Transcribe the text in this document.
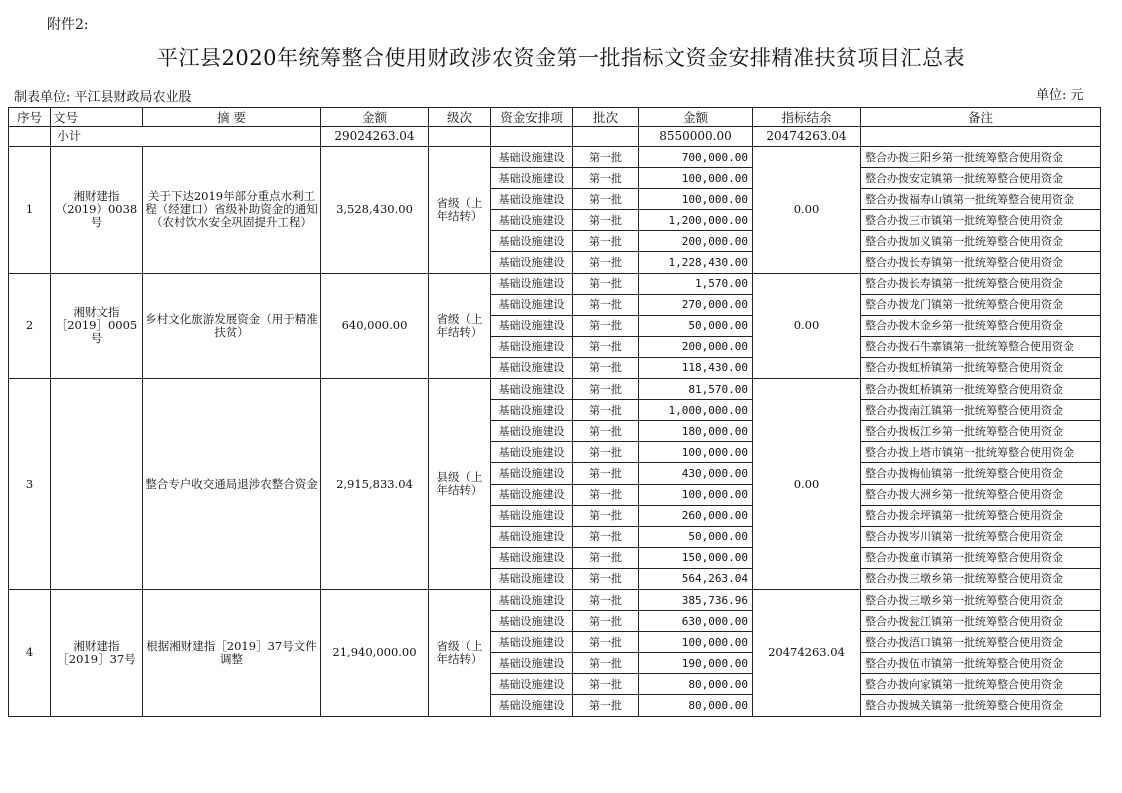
附件2:
平江县2020年统筹整合使用财政涉农资金第一批指标文资金安排精准扶贫项目汇总表
制表单位: 平江县财政局农业股	单位: 元
序号	文号	摘 要	金额	级次	资金安排项	批次	金额	指标结余	备注
	小计		29024263.04				8550000.00	20474263.04	
1	湘财建指（2019）0038号	关于下达2019年部分重点水利工程（经建口）省级补助资金的通知（农村饮水安全巩固提升工程）	3,528,430.00	省级（上年结转）	基础设施建设	第一批	700,000.00	0.00	整合办拨三阳乡第一批统筹整合使用资金
					基础设施建设	第一批	100,000.00		整合办拨安定镇第一批统筹整合使用资金
					基础设施建设	第一批	100,000.00		整合办拨福寿山镇第一批统筹整合使用资金
					基础设施建设	第一批	1,200,000.00		整合办拨三市镇第一批统筹整合使用资金
					基础设施建设	第一批	200,000.00		整合办拨加义镇第一批统筹整合使用资金
					基础设施建设	第一批	1,228,430.00		整合办拨长寿镇第一批统筹整合使用资金
2	湘财文指［2019］0005号	乡村文化旅游发展资金（用于精准扶贫）	640,000.00	省级（上年结转）	基础设施建设	第一批	1,570.00	0.00	整合办拨长寿镇第一批统筹整合使用资金
					基础设施建设	第一批	270,000.00		整合办拨龙门镇第一批统筹整合使用资金
					基础设施建设	第一批	50,000.00		整合办拨木金乡第一批统筹整合使用资金
					基础设施建设	第一批	200,000.00		整合办拨石牛寨镇第一批统筹整合使用资金
					基础设施建设	第一批	118,430.00		整合办拨虹桥镇第一批统筹整合使用资金
3		整合专户收交通局退涉农整合资金	2,915,833.04	县级（上年结转）	基础设施建设	第一批	81,570.00	0.00	整合办拨虹桥镇第一批统筹整合使用资金
					基础设施建设	第一批	1,000,000.00		整合办拨南江镇第一批统筹整合使用资金
					基础设施建设	第一批	180,000.00		整合办拨板江乡第一批统筹整合使用资金
					基础设施建设	第一批	100,000.00		整合办拨上塔市镇第一批统筹整合使用资金
					基础设施建设	第一批	430,000.00		整合办拨梅仙镇第一批统筹整合使用资金
					基础设施建设	第一批	100,000.00		整合办拨大洲乡第一批统筹整合使用资金
					基础设施建设	第一批	260,000.00		整合办拨余坪镇第一批统筹整合使用资金
					基础设施建设	第一批	50,000.00		整合办拨岑川镇第一批统筹整合使用资金
					基础设施建设	第一批	150,000.00		整合办拨童市镇第一批统筹整合使用资金
					基础设施建设	第一批	564,263.04		整合办拨三墩乡第一批统筹整合使用资金
4	湘财建指［2019］37号	根据湘财建指［2019］37号文件调整	21,940,000.00	省级（上年结转）	基础设施建设	第一批	385,736.96	20474263.04	整合办拨三墩乡第一批统筹整合使用资金
					基础设施建设	第一批	630,000.00		整合办拨瓮江镇第一批统筹整合使用资金
					基础设施建设	第一批	100,000.00		整合办拨浯口镇第一批统筹整合使用资金
					基础设施建设	第一批	190,000.00		整合办拨伍市镇第一批统筹整合使用资金
					基础设施建设	第一批	80,000.00		整合办拨向家镇第一批统筹整合使用资金
					基础设施建设	第一批	80,000.00		整合办拨城关镇第一批统筹整合使用资金
